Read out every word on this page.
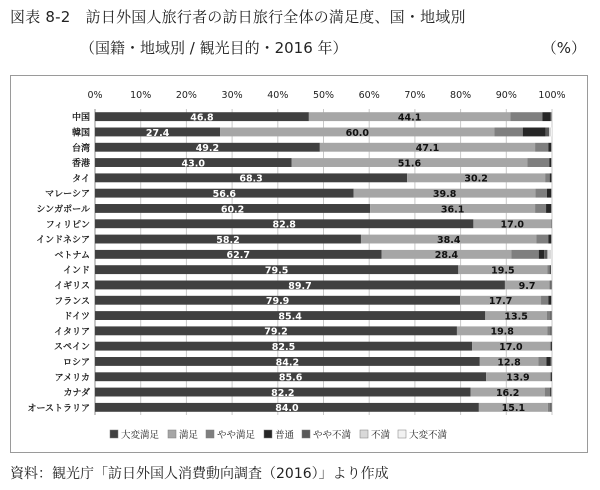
図表 8-2　訪日外国人旅行者の訪日旅行全体の満足度、国・地域別
（国籍・地域別 / 観光目的・2016 年）	（%）
0%	10%	20%	30%	40%	50%	60%	70%	80%	90% 100%
中国	46.8	44.1
韓国	27.4	60.0
台湾	49.2	47.1
香港	43.0	51.6
タイ	68.3	30.2
マレーシア	56.6	39.8
シンガポール	60.2	36.1
フィリピン	82.8	17.0
インドネシア	58.2	38.4
ベトナム	62.7	28.4
インド	79.5	19.5
イギリス	89.7	9.7
フランス	79.9	17.7
ドイツ	85.4	13.5
イタリア	79.2	19.8
スペイン	82.5	17.0
ロシア	84.2	12.8
アメリカ	85.6	13.9
カナダ	82.2	16.2
オーストラリア	84.0	15.1
大変満足 満足 やや満足 普通 やや不満 不満 大変不満
資料：観光庁「訪日外国人消費動向調査（2016）」より作成
